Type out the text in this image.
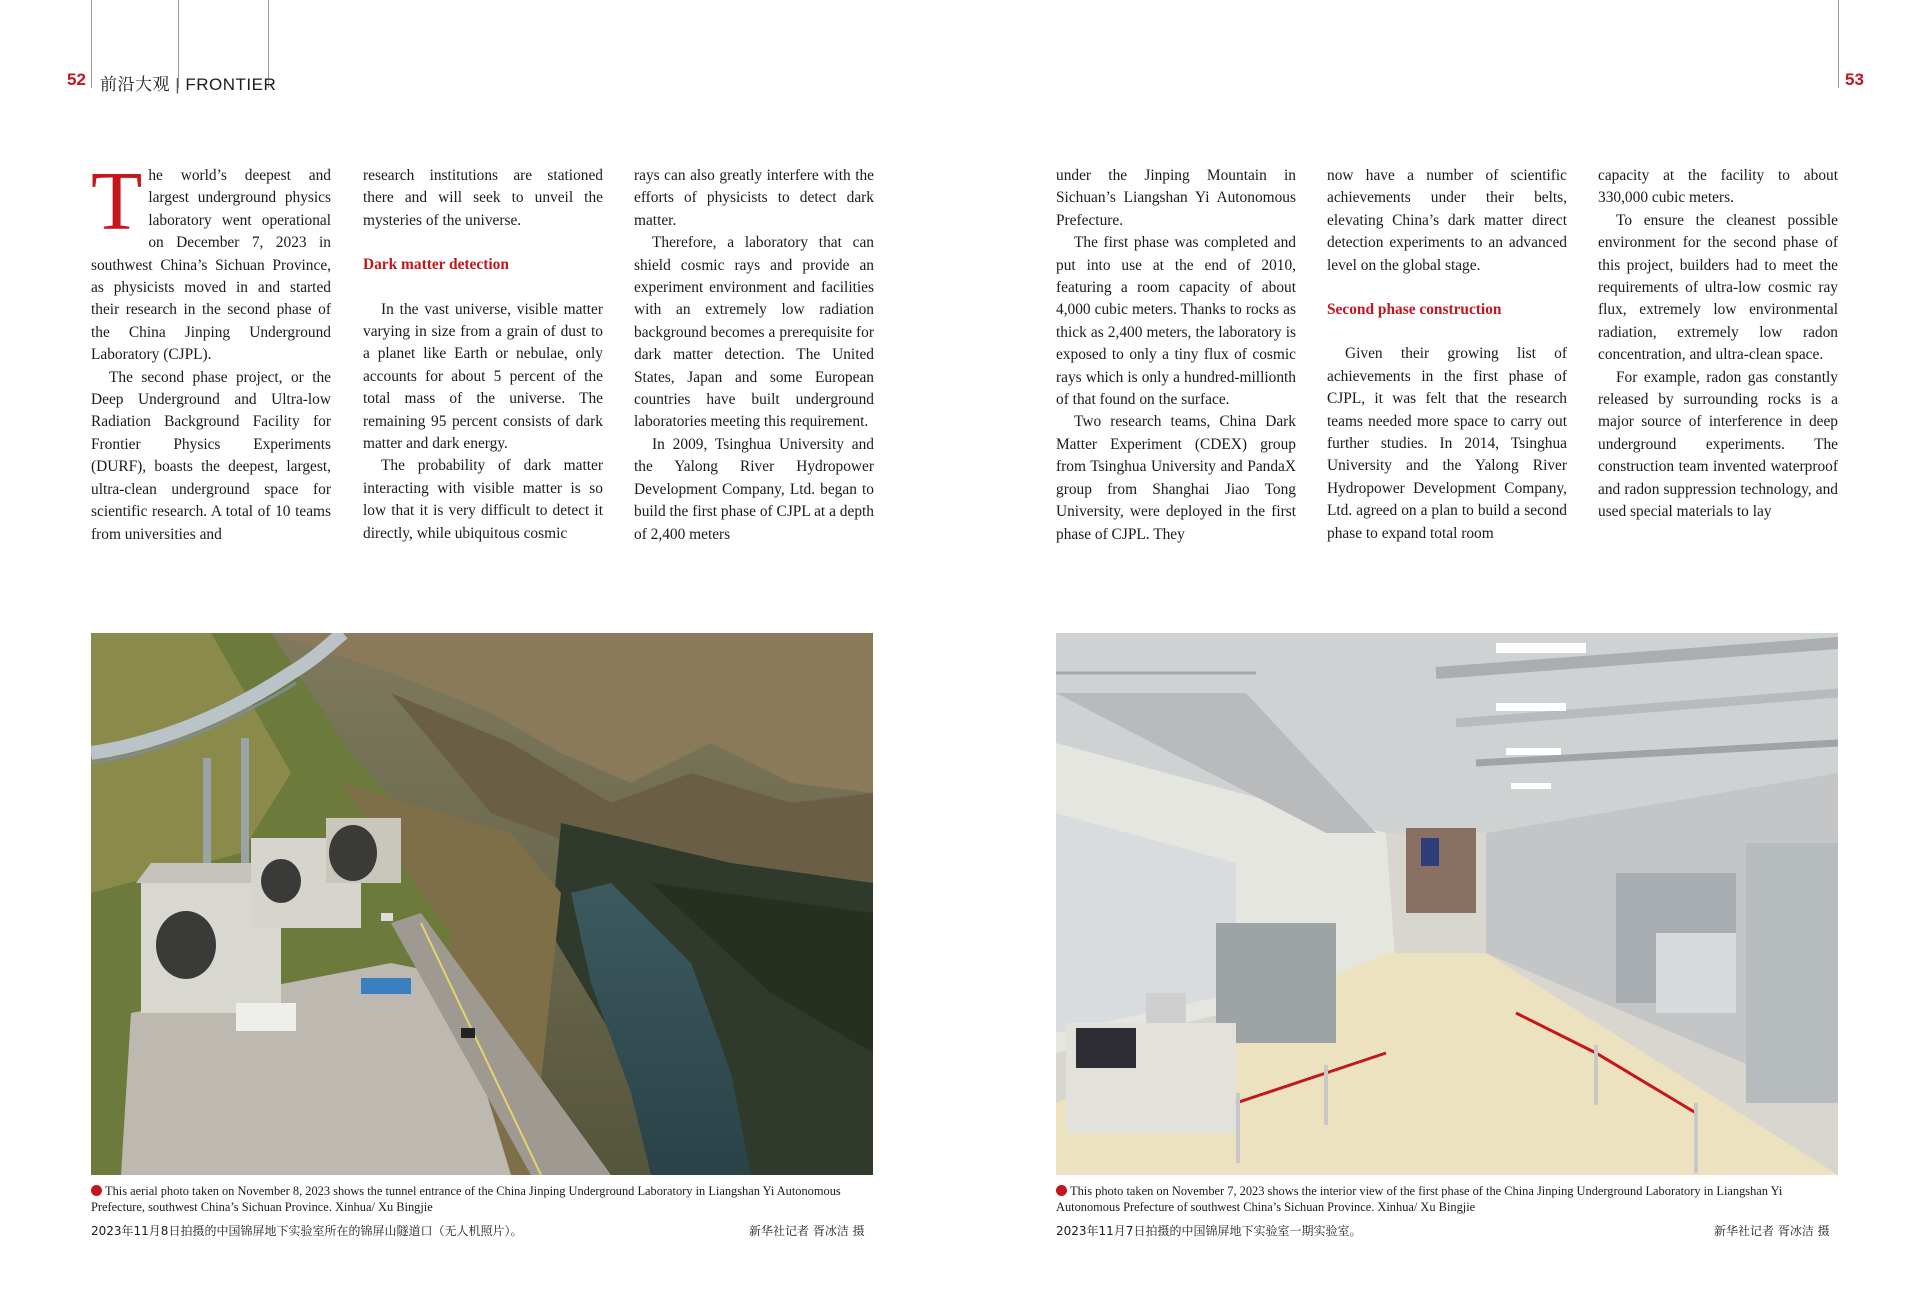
52 前沿大观 | FRONTIER	53
T he world’s deepest and largest underground physics laboratory went operational on December 7, 2023 in southwest China’s Sichuan Province, as physicists moved in and started their research in the second phase of the China Jinping Underground Laboratory (CJPL).

The second phase project, or the Deep Underground and Ultra-low Radiation Background Facility for Frontier Physics Experiments (DURF), boasts the deepest, largest, ultra-clean underground space for scientific research. A total of 10 teams from universities and

research institutions are stationed there and will seek to unveil the mysteries of the universe.

Dark matter detection

In the vast universe, visible matter varying in size from a grain of dust to a planet like Earth or nebulae, only accounts for about 5 percent of the total mass of the universe. The remaining 95 percent consists of dark matter and dark energy.

The probability of dark matter interacting with visible matter is so low that it is very difficult to detect it directly, while ubiquitous cosmic

rays can also greatly interfere with the efforts of physicists to detect dark matter.

Therefore, a laboratory that can shield cosmic rays and provide an experiment environment and facilities with an extremely low radiation background becomes a prerequisite for dark matter detection. The United States, Japan and some European countries have built underground laboratories meeting this requirement.

In 2009, Tsinghua University and the Yalong River Hydropower Development Company, Ltd. began to build the first phase of CJPL at a depth of 2,400 meters

under the Jinping Mountain in Sichuan’s Liangshan Yi Autonomous Prefecture.

The first phase was completed and put into use at the end of 2010, featuring a room capacity of about 4,000 cubic meters. Thanks to rocks as thick as 2,400 meters, the laboratory is exposed to only a tiny flux of cosmic rays which is only a hundred-millionth of that found on the surface.

Two research teams, China Dark Matter Experiment (CDEX) group from Tsinghua University and PandaX group from Shanghai Jiao Tong University, were deployed in the first phase of CJPL. They

now have a number of scientific achievements under their belts, elevating China’s dark matter direct detection experiments to an advanced level on the global stage.

Second phase construction

Given their growing list of achievements in the first phase of CJPL, it was felt that the research teams needed more space to carry out further studies. In 2014, Tsinghua University and the Yalong River Hydropower Development Company, Ltd. agreed on a plan to build a second phase to expand total room

capacity at the facility to about 330,000 cubic meters.

To ensure the cleanest possible environment for the second phase of this project, builders had to meet the requirements of ultra-low cosmic ray flux, extremely low environmental radiation, extremely low radon concentration, and ultra-clean space.

For example, radon gas constantly released by surrounding rocks is a major source of interference in deep underground experiments. The construction team invented waterproof and radon suppression technology, and used special materials to lay

This aerial photo taken on November 8, 2023 shows the tunnel entrance of the China Jinping Underground Laboratory in Liangshan Yi Autonomous Prefecture, southwest China’s Sichuan Province. Xinhua/ Xu Bingjie
2023年11月8日拍摄的中国锦屏地下实验室所在的锦屏山隧道口（无人机照片）。	新华社记者 胥冰洁 摄
This photo taken on November 7, 2023 shows the interior view of the first phase of the China Jinping Underground Laboratory in Liangshan Yi Autonomous Prefecture of southwest China’s Sichuan Province. Xinhua/ Xu Bingjie
2023年11月7日拍摄的中国锦屏地下实验室一期实验室。	新华社记者 胥冰洁 摄
